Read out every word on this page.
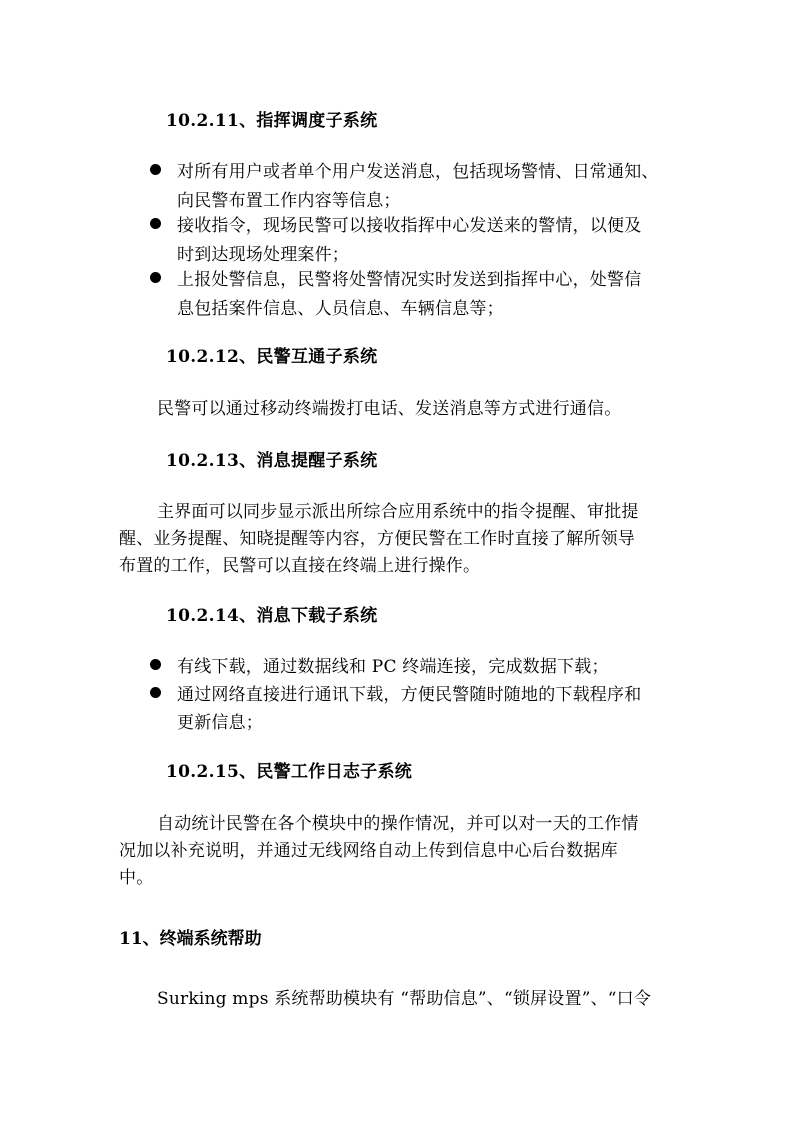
10.2.11、指挥调度子系统
对所有用户或者单个用户发送消息，包括现场警情、日常通知、
向民警布置工作内容等信息；
接收指令，现场民警可以接收指挥中心发送来的警情，以便及
时到达现场处理案件；
上报处警信息，民警将处警情况实时发送到指挥中心，处警信
息包括案件信息、人员信息、车辆信息等；
10.2.12、民警互通子系统
民警可以通过移动终端拨打电话、发送消息等方式进行通信。
10.2.13、消息提醒子系统
主界面可以同步显示派出所综合应用系统中的指令提醒、审批提
醒、业务提醒、知晓提醒等内容，方便民警在工作时直接了解所领导
布置的工作，民警可以直接在终端上进行操作。
10.2.14、消息下载子系统
有线下载，通过数据线和 PC 终端连接，完成数据下载；
通过网络直接进行通讯下载，方便民警随时随地的下载程序和
更新信息；
10.2.15、民警工作日志子系统
自动统计民警在各个模块中的操作情况，并可以对一天的工作情
况加以补充说明，并通过无线网络自动上传到信息中心后台数据库
中。
11、终端系统帮助
Surking mps 系统帮助模块有 “帮助信息”、“锁屏设置”、“口令
